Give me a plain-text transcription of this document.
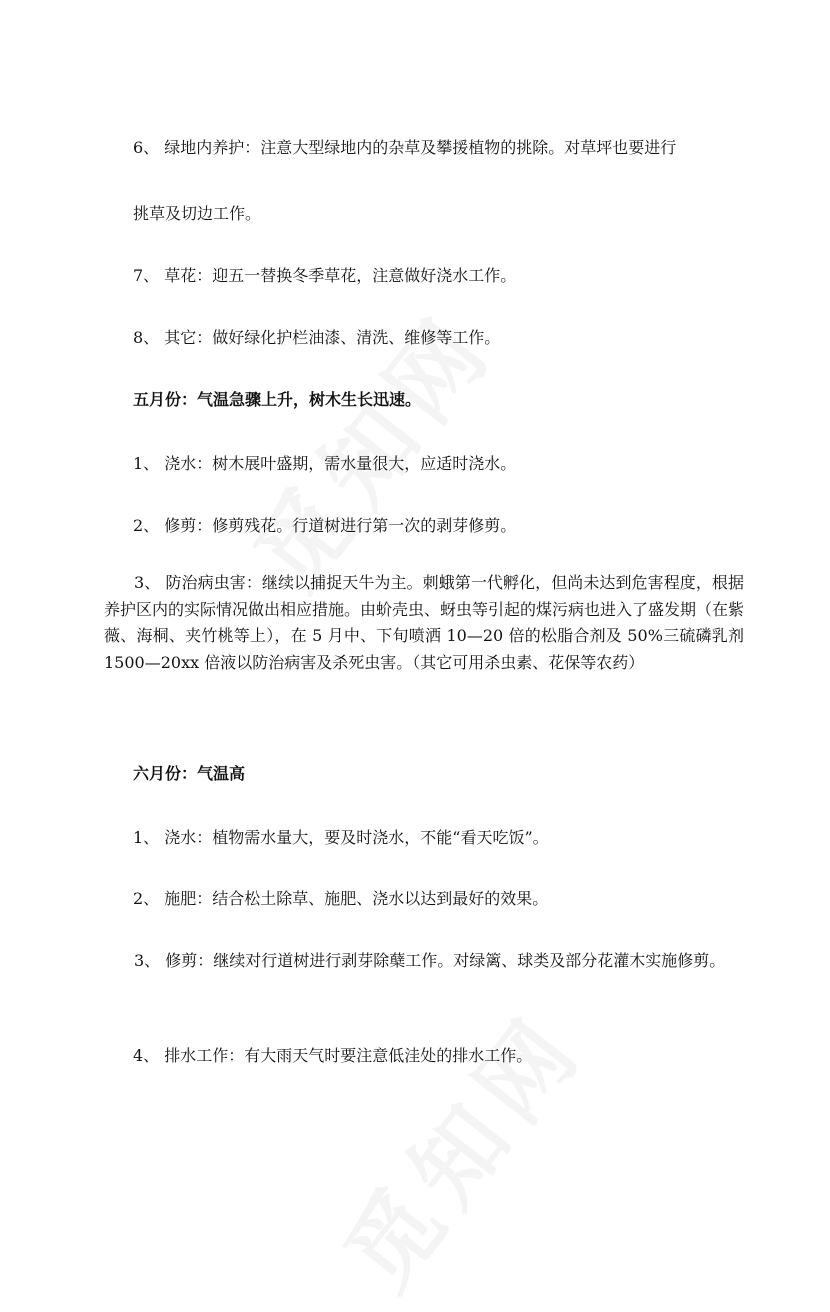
6、 绿地内养护：注意大型绿地内的杂草及攀援植物的挑除。对草坪也要进行
挑草及切边工作。
7、 草花：迎五一替换冬季草花，注意做好浇水工作。
8、 其它：做好绿化护栏油漆、清洗、维修等工作。
五月份：气温急骤上升，树木生长迅速。
1、 浇水：树木展叶盛期，需水量很大，应适时浇水。
2、 修剪：修剪残花。行道树进行第一次的剥芽修剪。
3、 防治病虫害：继续以捕捉天牛为主。刺蛾第一代孵化，但尚未达到危害程度，根据养护区内的实际情况做出相应措施。由蚧壳虫、蚜虫等引起的煤污病也进入了盛发期（在紫薇、海桐、夹竹桃等上），在 5 月中、下旬喷洒 10—20 倍的松脂合剂及 50%三硫磷乳剂 1500—20xx 倍液以防治病害及杀死虫害。（其它可用杀虫素、花保等农药）
六月份：气温高
1、 浇水：植物需水量大，要及时浇水，不能“看天吃饭”。
2、 施肥：结合松土除草、施肥、浇水以达到最好的效果。
3、 修剪：继续对行道树进行剥芽除蘖工作。对绿篱、球类及部分花灌木实施修剪。
4、 排水工作：有大雨天气时要注意低洼处的排水工作。
